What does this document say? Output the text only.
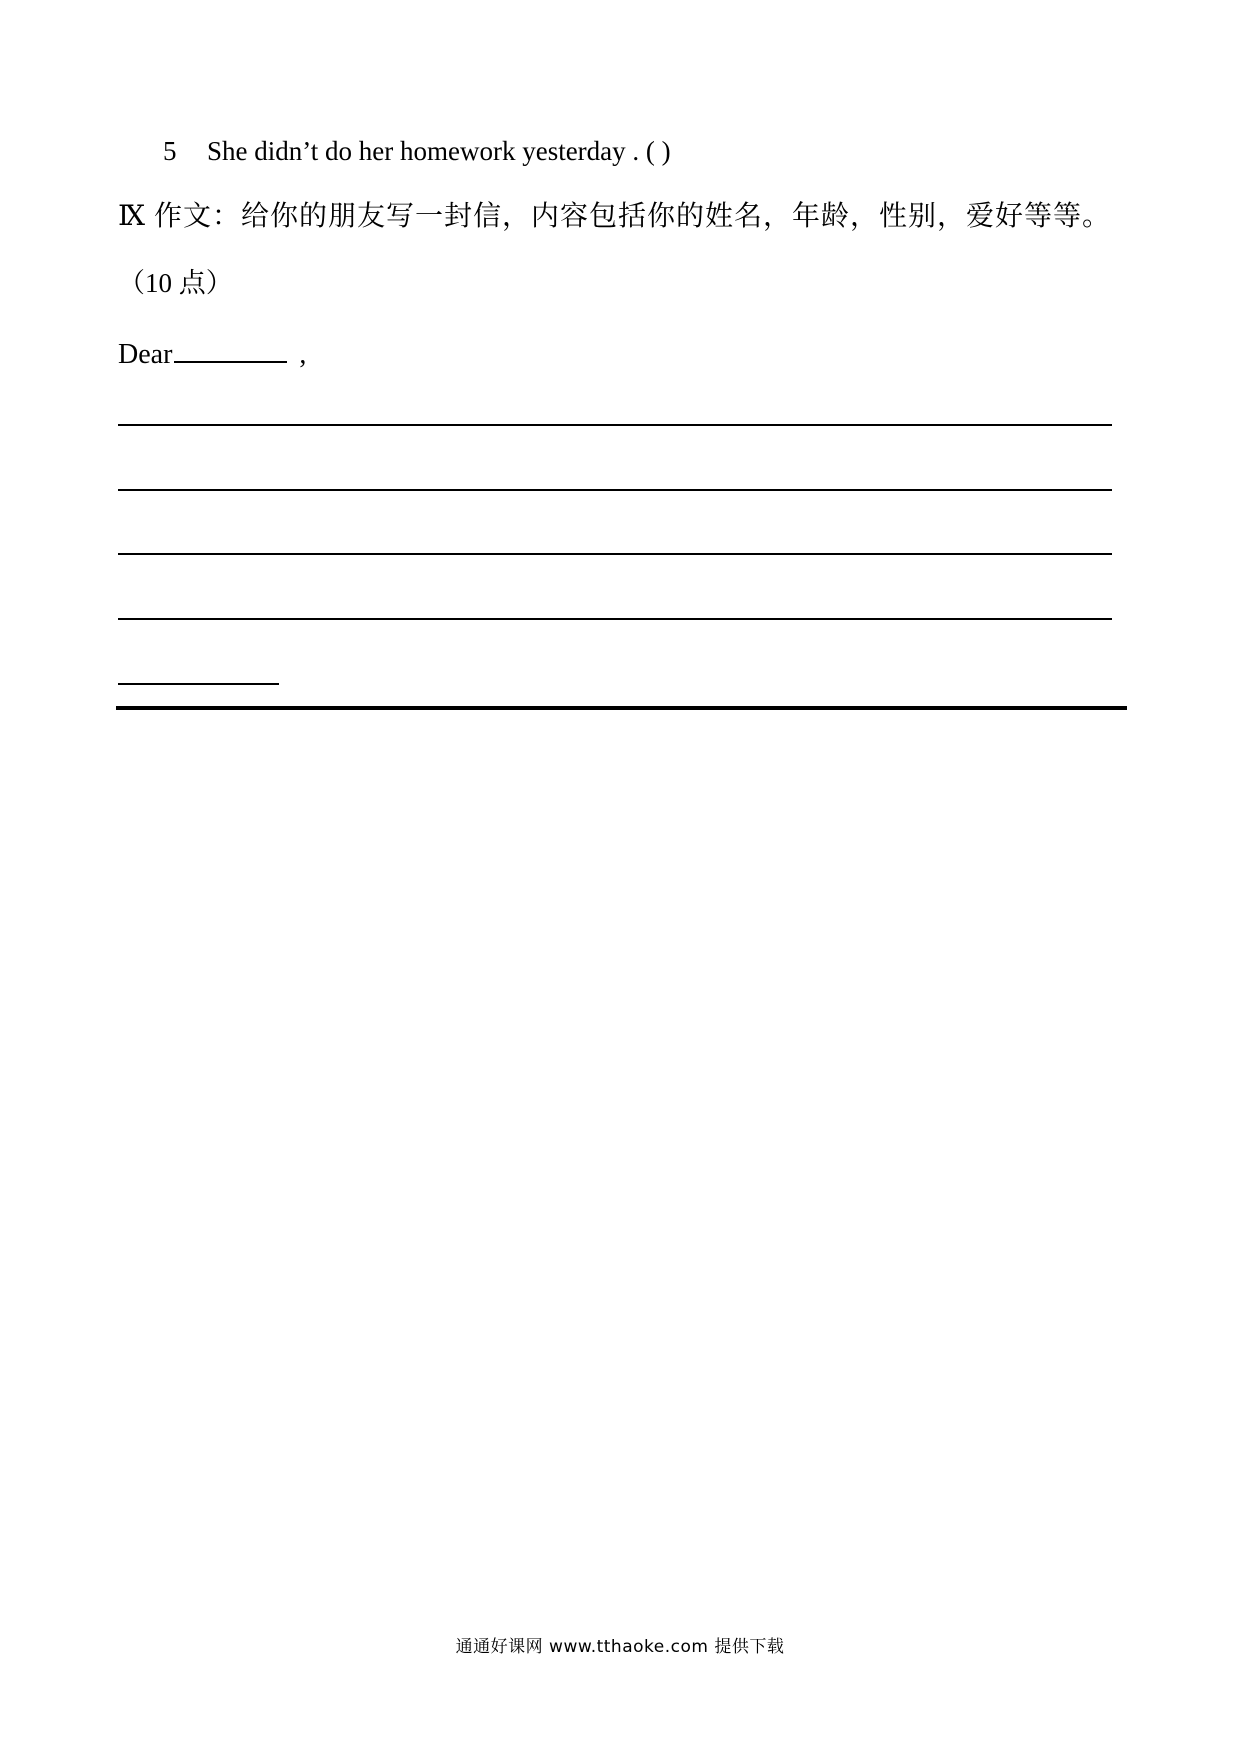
5 She didn’t do her homework yesterday . ( )
Ⅸ 作文：给你的朋友写一封信，内容包括你的姓名，年龄，性别，爱好等等。
（10 点）
Dear	,
通通好课网 www.tthaoke.com 提供下载
